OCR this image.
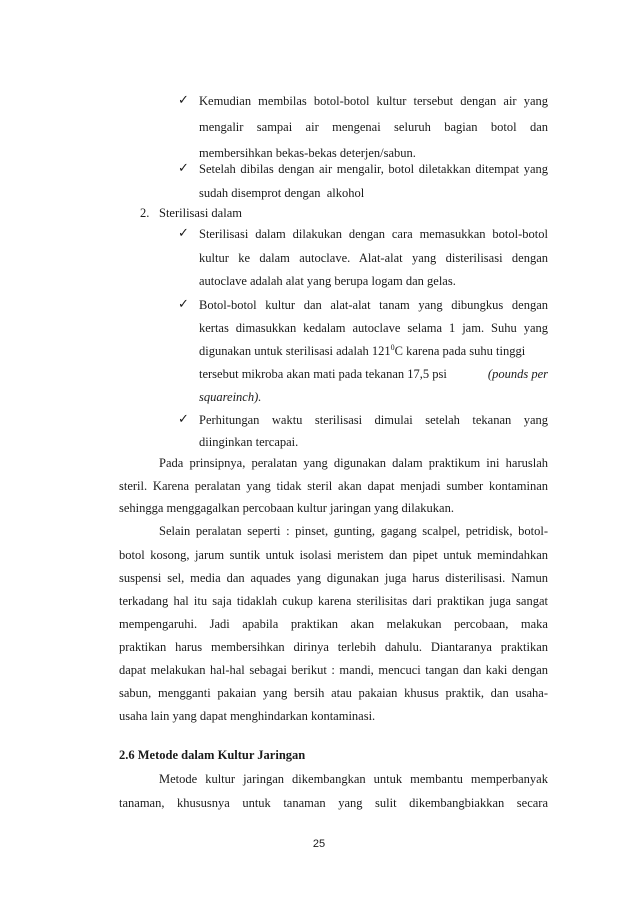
✓ Kemudian membilas botol-botol kultur tersebut dengan air yang
mengalir sampai air mengenai seluruh bagian botol dan
membersihkan bekas-bekas deterjen/sabun.
✓ Setelah dibilas dengan air mengalir, botol diletakkan ditempat yang
sudah disemprot dengan  alkohol
2. Sterilisasi dalam
✓ Sterilisasi dalam dilakukan dengan cara memasukkan botol-botol
kultur ke dalam autoclave. Alat-alat yang disterilisasi dengan
autoclave adalah alat yang berupa logam dan gelas.
✓ Botol-botol kultur dan alat-alat tanam yang dibungkus dengan
kertas dimasukkan kedalam autoclave selama 1 jam. Suhu yang
digunakan untuk sterilisasi adalah $121^0C$ karena pada suhu tinggi
tersebut mikroba akan mati pada tekanan 17,5 psi	(pounds per
squareinch).
✓ Perhitungan waktu sterilisasi dimulai setelah tekanan yang
diinginkan tercapai.
Pada prinsipnya, peralatan yang digunakan dalam praktikum ini haruslah
steril. Karena peralatan yang tidak steril akan dapat menjadi sumber kontaminan
sehingga menggagalkan percobaan kultur jaringan yang dilakukan.
Selain peralatan seperti : pinset, gunting, gagang scalpel, petridisk, botol-
botol kosong, jarum suntik untuk isolasi meristem dan pipet untuk memindahkan
suspensi sel, media dan aquades yang digunakan juga harus disterilisasi. Namun
terkadang hal itu saja tidaklah cukup karena sterilisitas dari praktikan juga sangat
mempengaruhi. Jadi apabila praktikan akan melakukan percobaan, maka
praktikan harus membersihkan dirinya terlebih dahulu. Diantaranya praktikan
dapat melakukan hal-hal sebagai berikut : mandi, mencuci tangan dan kaki dengan
sabun, mengganti pakaian yang bersih atau pakaian khusus praktik, dan usaha-
usaha lain yang dapat menghindarkan kontaminasi.
2.6 Metode dalam Kultur Jaringan
Metode kultur jaringan dikembangkan untuk membantu memperbanyak
tanaman, khususnya untuk tanaman yang sulit dikembangbiakkan secara
25
